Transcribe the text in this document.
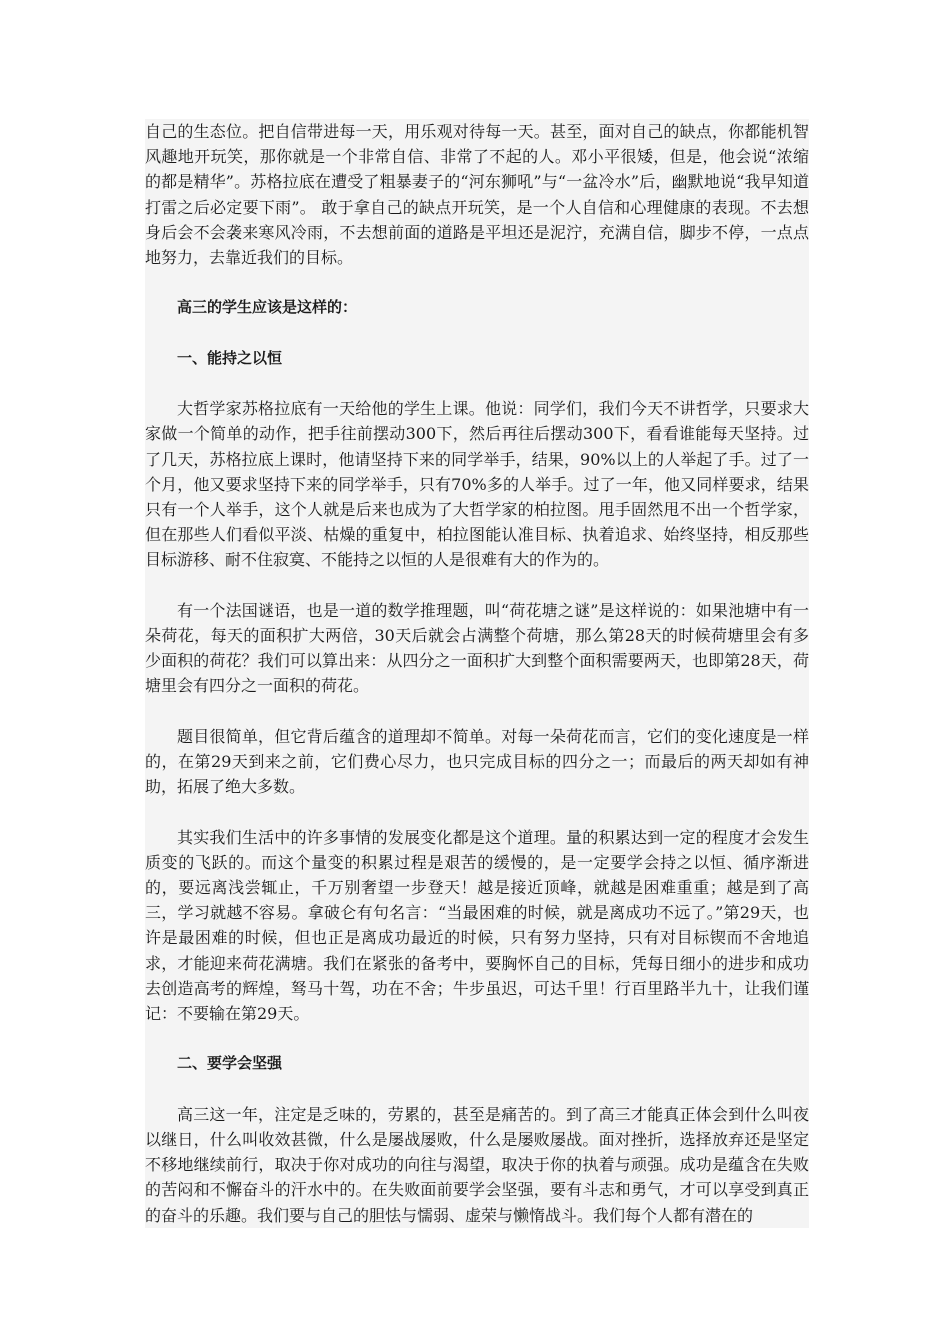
自己的生态位。把自信带进每一天，用乐观对待每一天。甚至，面对自己的缺点，你都能机智风趣地开玩笑，那你就是一个非常自信、非常了不起的人。邓小平很矮，但是，他会说“浓缩的都是精华”。苏格拉底在遭受了粗暴妻子的“河东狮吼”与“一盆冷水”后，幽默地说“我早知道打雷之后必定要下雨”。 敢于拿自己的缺点开玩笑，是一个人自信和心理健康的表现。不去想身后会不会袭来寒风冷雨，不去想前面的道路是平坦还是泥泞，充满自信，脚步不停，一点点地努力，去靠近我们的目标。

高三的学生应该是这样的：

一、能持之以恒

大哲学家苏格拉底有一天给他的学生上课。他说：同学们，我们今天不讲哲学，只要求大家做一个简单的动作，把手往前摆动300下，然后再往后摆动300下，看看谁能每天坚持。过了几天，苏格拉底上课时，他请坚持下来的同学举手，结果，90%以上的人举起了手。过了一个月，他又要求坚持下来的同学举手，只有70%多的人举手。过了一年，他又同样要求，结果只有一个人举手，这个人就是后来也成为了大哲学家的柏拉图。甩手固然甩不出一个哲学家，但在那些人们看似平淡、枯燥的重复中，柏拉图能认准目标、执着追求、始终坚持，相反那些目标游移、耐不住寂寞、不能持之以恒的人是很难有大的作为的。

有一个法国谜语，也是一道的数学推理题，叫“荷花塘之谜”是这样说的：如果池塘中有一朵荷花，每天的面积扩大两倍，30天后就会占满整个荷塘，那么第28天的时候荷塘里会有多少面积的荷花？我们可以算出来：从四分之一面积扩大到整个面积需要两天，也即第28天，荷塘里会有四分之一面积的荷花。

题目很简单，但它背后蕴含的道理却不简单。对每一朵荷花而言，它们的变化速度是一样的，在第29天到来之前，它们费心尽力，也只完成目标的四分之一；而最后的两天却如有神助，拓展了绝大多数。

其实我们生活中的许多事情的发展变化都是这个道理。量的积累达到一定的程度才会发生质变的飞跃的。而这个量变的积累过程是艰苦的缓慢的，是一定要学会持之以恒、循序渐进的，要远离浅尝辄止，千万别奢望一步登天！越是接近顶峰，就越是困难重重；越是到了高三，学习就越不容易。拿破仑有句名言：“当最困难的时候，就是离成功不远了。”第29天，也许是最困难的时候，但也正是离成功最近的时候，只有努力坚持，只有对目标锲而不舍地追求，才能迎来荷花满塘。我们在紧张的备考中，要胸怀自己的目标，凭每日细小的进步和成功去创造高考的辉煌，驽马十驾，功在不舍；牛步虽迟，可达千里！行百里路半九十，让我们谨记：不要输在第29天。

二、要学会坚强

高三这一年，注定是乏味的，劳累的，甚至是痛苦的。到了高三才能真正体会到什么叫夜以继日，什么叫收效甚微，什么是屡战屡败，什么是屡败屡战。面对挫折，选择放弃还是坚定不移地继续前行，取决于你对成功的向往与渴望，取决于你的执着与顽强。成功是蕴含在失败的苦闷和不懈奋斗的汗水中的。在失败面前要学会坚强，要有斗志和勇气，才可以享受到真正的奋斗的乐趣。我们要与自己的胆怯与懦弱、虚荣与懒惰战斗。我们每个人都有潜在的
